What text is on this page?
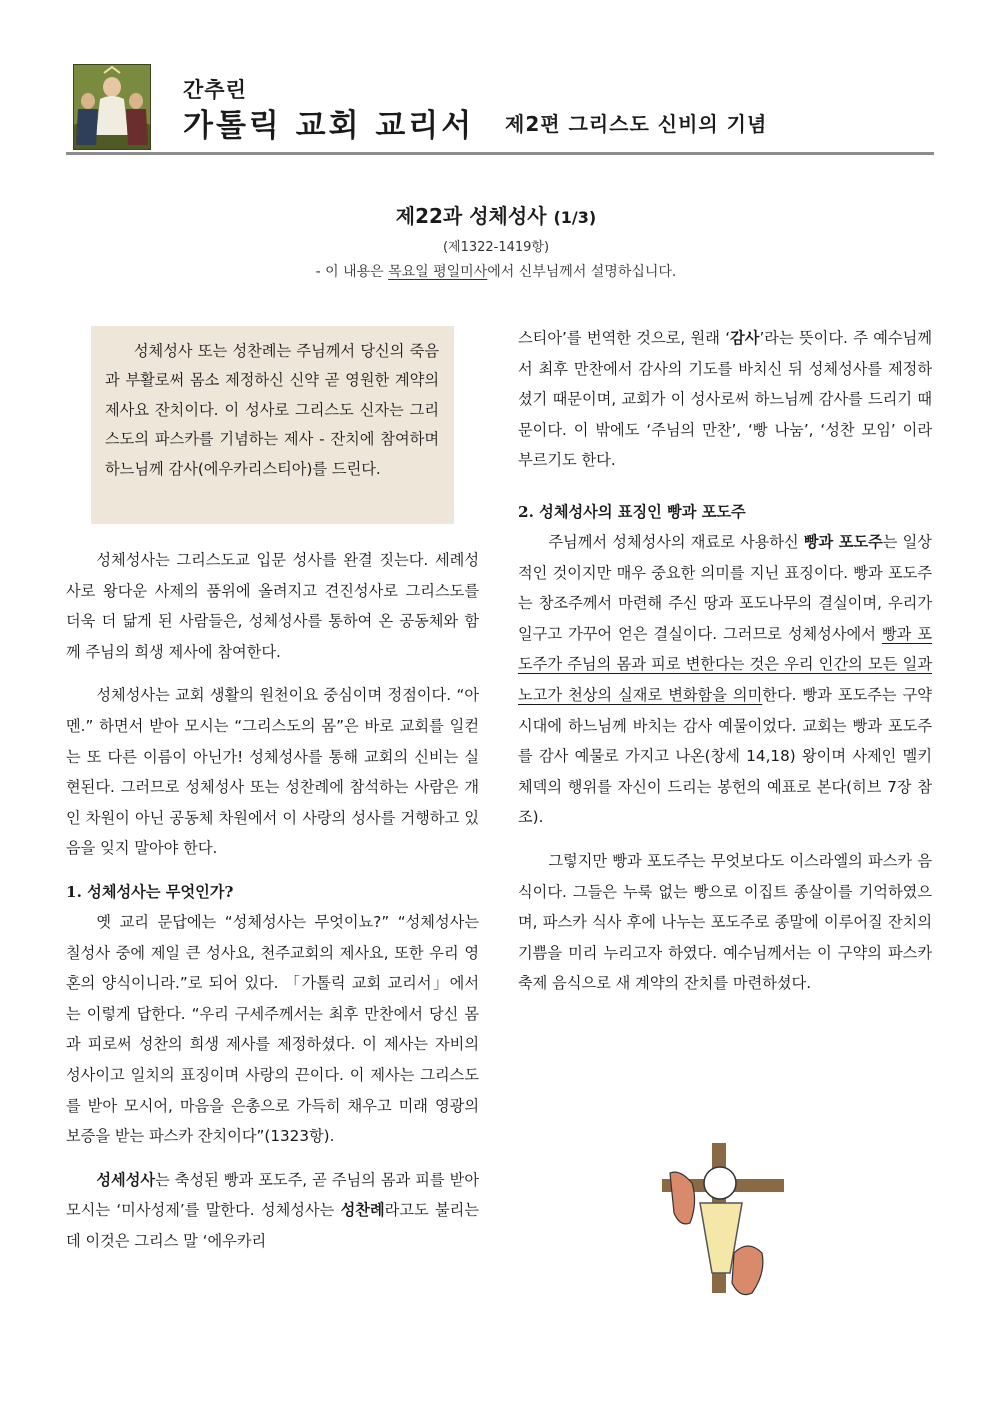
간추린
가톨릭 교회 교리서 제2편 그리스도 신비의 기념
제22과 성체성사 (1/3)
(제1322-1419항)
- 이 내용은 목요일 평일미사에서 신부님께서 설명하십니다.

성체성사 또는 성찬례는 주님께서 당신의 죽음과 부활로써 몸소 제정하신 신약 곧 영원한 계약의 제사요 잔치이다. 이 성사로 그리스도 신자는 그리스도의 파스카를 기념하는 제사 - 잔치에 참여하며 하느님께 감사(에우카리스티아)를 드린다.

성체성사는 그리스도교 입문 성사를 완결 짓는다. 세례성사로 왕다운 사제의 품위에 올려지고 견진성사로 그리스도를 더욱 더 닮게 된 사람들은, 성체성사를 통하여 온 공동체와 함께 주님의 희생 제사에 참여한다.

성체성사는 교회 생활의 원천이요 중심이며 정점이다. “아멘.” 하면서 받아 모시는 “그리스도의 몸”은 바로 교회를 일컫는 또 다른 이름이 아닌가! 성체성사를 통해 교회의 신비는 실현된다. 그러므로 성체성사 또는 성찬례에 참석하는 사람은 개인 차원이 아닌 공동체 차원에서 이 사랑의 성사를 거행하고 있음을 잊지 말아야 한다.

1. 성체성사는 무엇인가?

옛 교리 문답에는 “성체성사는 무엇이뇨?” “성체성사는 칠성사 중에 제일 큰 성사요, 천주교회의 제사요, 또한 우리 영혼의 양식이니라.”로 되어 있다. 「가톨릭 교회 교리서」에서는 이렇게 답한다. “우리 구세주께서는 최후 만찬에서 당신 몸과 피로써 성찬의 희생 제사를 제정하셨다. 이 제사는 자비의 성사이고 일치의 표징이며 사랑의 끈이다. 이 제사는 그리스도를 받아 모시어, 마음을 은총으로 가득히 채우고 미래 영광의 보증을 받는 파스카 잔치이다”(1323항).

성세성사는 축성된 빵과 포도주, 곧 주님의 몸과 피를 받아 모시는 ‘미사성제’를 말한다. 성체성사는 성찬례라고도 불리는데 이것은 그리스 말 ‘에우카리

스티아’를 번역한 것으로, 원래 ‘감사’라는 뜻이다. 주 예수님께서 최후 만찬에서 감사의 기도를 바치신 뒤 성체성사를 제정하셨기 때문이며, 교회가 이 성사로써 하느님께 감사를 드리기 때문이다. 이 밖에도 ‘주님의 만찬’, ‘빵 나눔’, ‘성찬 모임’ 이라 부르기도 한다.

2. 성체성사의 표징인 빵과 포도주

주님께서 성체성사의 재료로 사용하신 빵과 포도주는 일상적인 것이지만 매우 중요한 의미를 지닌 표징이다. 빵과 포도주는 창조주께서 마련해 주신 땅과 포도나무의 결실이며, 우리가 일구고 가꾸어 얻은 결실이다. 그러므로 성체성사에서 빵과 포도주가 주님의 몸과 피로 변한다는 것은 우리 인간의 모든 일과 노고가 천상의 실재로 변화함을 의미한다. 빵과 포도주는 구약 시대에 하느님께 바치는 감사 예물이었다. 교회는 빵과 포도주를 감사 예물로 가지고 나온(창세 14,18) 왕이며 사제인 멜키체덱의 행위를 자신이 드리는 봉헌의 예표로 본다(히브 7장 참조).

그렇지만 빵과 포도주는 무엇보다도 이스라엘의 파스카 음식이다. 그들은 누룩 없는 빵으로 이집트 종살이를 기억하였으며, 파스카 식사 후에 나누는 포도주로 종말에 이루어질 잔치의 기쁨을 미리 누리고자 하였다. 예수님께서는 이 구약의 파스카 축제 음식으로 새 계약의 잔치를 마련하셨다.
